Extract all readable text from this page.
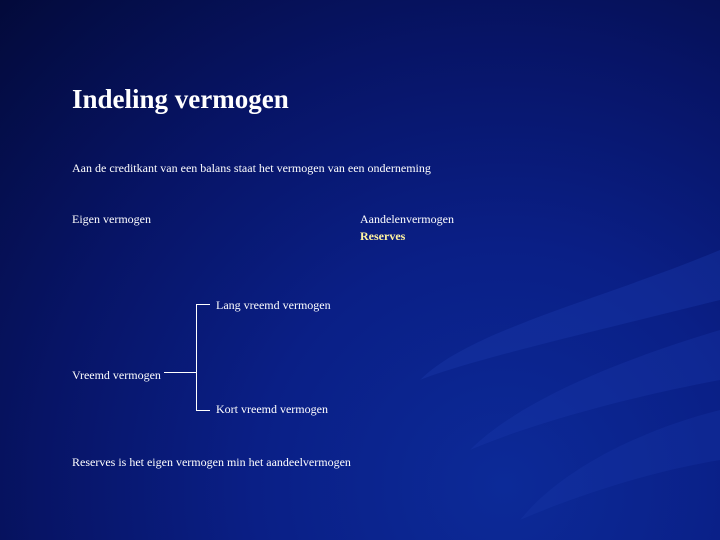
Indeling vermogen
Aan de creditkant van een balans staat het vermogen van een onderneming
Eigen vermogen	Aandelenvermogen
Reserves
Lang vreemd vermogen
Vreemd vermogen
Kort vreemd vermogen
Reserves is het eigen vermogen min het aandeelvermogen
